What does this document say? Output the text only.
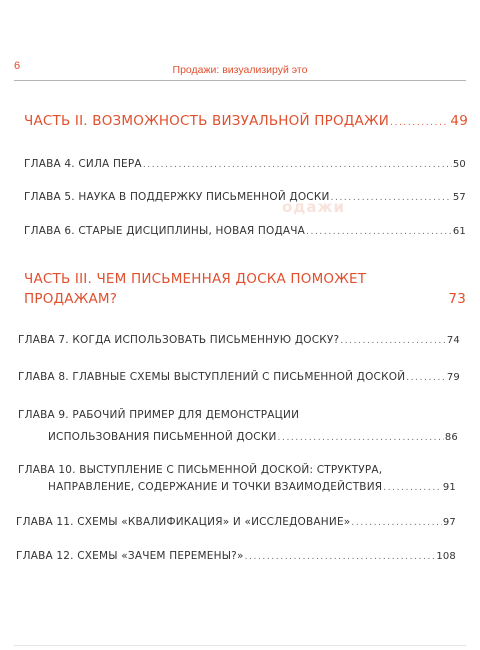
6	Продажи: визуализируй это
одажи
ЧАСТЬ II. ВОЗМОЖНОСТЬ ВИЗУАЛЬНОЙ ПРОДАЖИ .....	49
ГЛАВА 4. СИЛА ПЕРА .....	50
ГЛАВА 5. НАУКА В ПОДДЕРЖКУ ПИСЬМЕННОЙ ДОСКИ .....	57
ГЛАВА 6. СТАРЫЕ ДИСЦИПЛИНЫ, НОВАЯ ПОДАЧА .....	61
ЧАСТЬ III. ЧЕМ ПИСЬМЕННАЯ ДОСКА ПОМОЖЕТ
ПРОДАЖАМ?	73
ГЛАВА 7. КОГДА ИСПОЛЬЗОВАТЬ ПИСЬМЕННУЮ ДОСКУ? .....	74
ГЛАВА 8. ГЛАВНЫЕ СХЕМЫ ВЫСТУПЛЕНИЙ С ПИСЬМЕННОЙ ДОСКОЙ .....	79
ГЛАВА 9. РАБОЧИЙ ПРИМЕР ДЛЯ ДЕМОНСТРАЦИИ
ИСПОЛЬЗОВАНИЯ ПИСЬМЕННОЙ ДОСКИ .....	86
ГЛАВА 10. ВЫСТУПЛЕНИЕ С ПИСЬМЕННОЙ ДОСКОЙ: СТРУКТУРА,
НАПРАВЛЕНИЕ, СОДЕРЖАНИЕ И ТОЧКИ ВЗАИМОДЕЙСТВИЯ .....	91
ГЛАВА 11. СХЕМЫ «КВАЛИФИКАЦИЯ» И «ИССЛЕДОВАНИЕ» .....	97
ГЛАВА 12. СХЕМЫ «ЗАЧЕМ ПЕРЕМЕНЫ?» .....	108
